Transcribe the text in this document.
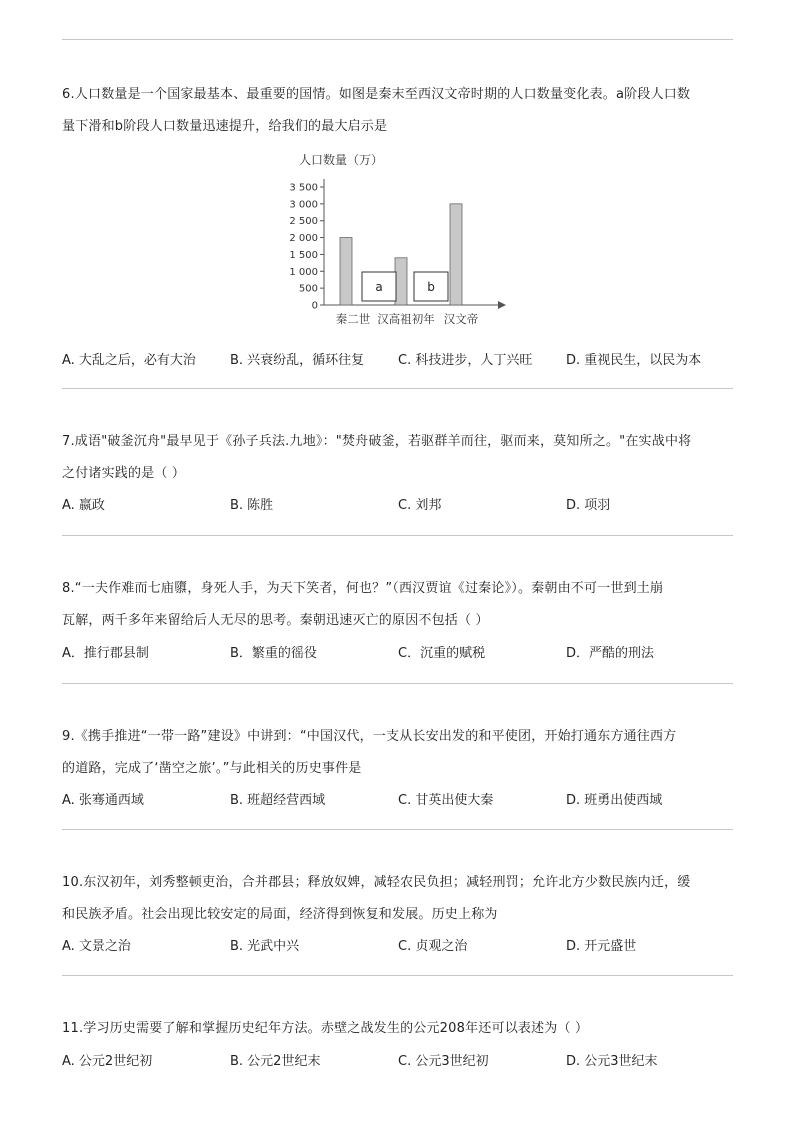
6.人口数量是一个国家最基本、最重要的国情。如图是秦末至西汉文帝时期的人口数量变化表。a阶段人口数
量下滑和b阶段人口数量迅速提升，给我们的最大启示是
人口数量（万）
0
500
1 000
1 500
2 000
2 500
3 000
3 500
a	b
秦二世 汉高祖初年 汉文帝
A. 大乱之后，必有大治	B. 兴衰纷乱，循环往复	C. 科技进步，人丁兴旺	D. 重视民生，以民为本
7.成语"破釜沉舟"最早见于《孙子兵法.九地》："焚舟破釜，若驱群羊而往，驱而来，莫知所之。"在实战中将
之付诸实践的是（ ）
A. 嬴政	B. 陈胜	C. 刘邦	D. 项羽
8.“一夫作难而七庙隳，身死人手，为天下笑者，何也？”（西汉贾谊《过秦论》）。秦朝由不可一世到土崩
瓦解，两千多年来留给后人无尽的思考。秦朝迅速灭亡的原因不包括（ ）
A．推行郡县制	B．繁重的徭役	C．沉重的赋税	D．严酷的刑法
9.《携手推进“一带一路”建设》中讲到：“中国汉代，一支从长安出发的和平使团，开始打通东方通往西方
的道路，完成了‘凿空之旅’。”与此相关的历史事件是
A. 张骞通西域	B. 班超经营西域	C. 甘英出使大秦	D. 班勇出使西域
10.东汉初年，刘秀整顿吏治，合并郡县；释放奴婢，减轻农民负担；减轻刑罚；允许北方少数民族内迁，缓
和民族矛盾。社会出现比较安定的局面，经济得到恢复和发展。历史上称为
A. 文景之治	B. 光武中兴	C. 贞观之治	D. 开元盛世
11.学习历史需要了解和掌握历史纪年方法。赤壁之战发生的公元208年还可以表述为（ ）
A. 公元2世纪初	B. 公元2世纪末	C. 公元3世纪初	D. 公元3世纪末
